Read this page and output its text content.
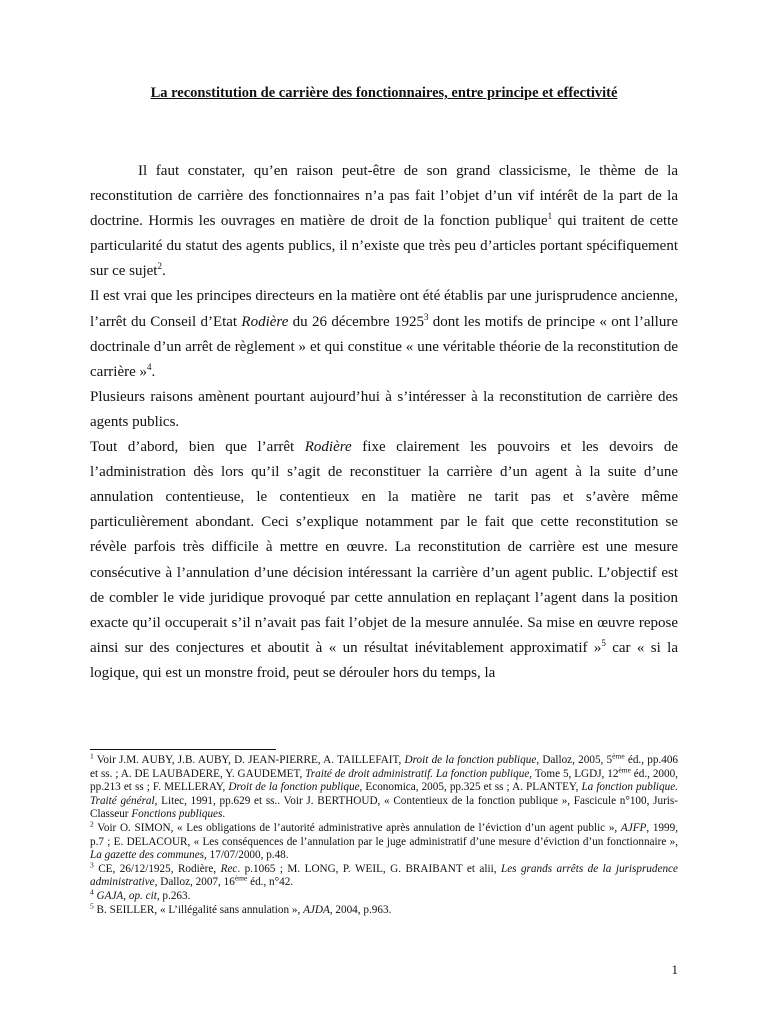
La reconstitution de carrière des fonctionnaires, entre principe et effectivité

Il faut constater, qu’en raison peut-être de son grand classicisme, le thème de la reconstitution de carrière des fonctionnaires n’a pas fait l’objet d’un vif intérêt de la part de la doctrine. Hormis les ouvrages en matière de droit de la fonction publique$^1$ qui traitent de cette particularité du statut des agents publics, il n’existe que très peu d’articles portant spécifiquement sur ce sujet$^2$.

Il est vrai que les principes directeurs en la matière ont été établis par une jurisprudence ancienne, l’arrêt du Conseil d’Etat Rodière du 26 décembre 1925$^3$ dont les motifs de principe « ont l’allure doctrinale d’un arrêt de règlement » et qui constitue « une véritable théorie de la reconstitution de carrière »$^4$.

Plusieurs raisons amènent pourtant aujourd’hui à s’intéresser à la reconstitution de carrière des agents publics.

Tout d’abord, bien que l’arrêt Rodière fixe clairement les pouvoirs et les devoirs de l’administration dès lors qu’il s’agit de reconstituer la carrière d’un agent à la suite d’une annulation contentieuse, le contentieux en la matière ne tarit pas et s’avère même particulièrement abondant. Ceci s’explique notamment par le fait que cette reconstitution se révèle parfois très difficile à mettre en œuvre. La reconstitution de carrière est une mesure consécutive à l’annulation d’une décision intéressant la carrière d’un agent public. L’objectif est de combler le vide juridique provoqué par cette annulation en replaçant l’agent dans la position exacte qu’il occuperait s’il n’avait pas fait l’objet de la mesure annulée. Sa mise en œuvre repose ainsi sur des conjectures et aboutit à « un résultat inévitablement approximatif »$^5$ car « si la logique, qui est un monstre froid, peut se dérouler hors du temps, la

$^1$ Voir J.M. AUBY, J.B. AUBY, D. JEAN-PIERRE, A. TAILLEFAIT, Droit de la fonction publique, Dalloz, 2005, 5ème éd., pp.406 et ss. ; A. DE LAUBADERE, Y. GAUDEMET, Traité de droit administratif. La fonction publique, Tome 5, LGDJ, 12ème éd., 2000, pp.213 et ss ; F. MELLERAY, Droit de la fonction publique, Economica, 2005, pp.325 et ss ; A. PLANTEY, La fonction publique. Traité général, Litec, 1991, pp.629 et ss.. Voir J. BERTHOUD, « Contentieux de la fonction publique », Fascicule n°100, Juris-Classeur Fonctions publiques.

$^2$ Voir O. SIMON, « Les obligations de l’autorité administrative après annulation de l’éviction d’un agent public », AJFP, 1999, p.7 ; E. DELACOUR, « Les conséquences de l’annulation par le juge administratif d’une mesure d’éviction d’un fonctionnaire », La gazette des communes, 17/07/2000, p.48.

$^3$ CE, 26/12/1925, Rodière, Rec. p.1065 ; M. LONG, P. WEIL, G. BRAIBANT et alii, Les grands arrêts de la jurisprudence administrative, Dalloz, 2007, 16ème éd., n°42.

$^4$ GAJA, op. cit, p.263.

$^5$ B. SEILLER, « L’illégalité sans annulation », AJDA, 2004, p.963.

1
